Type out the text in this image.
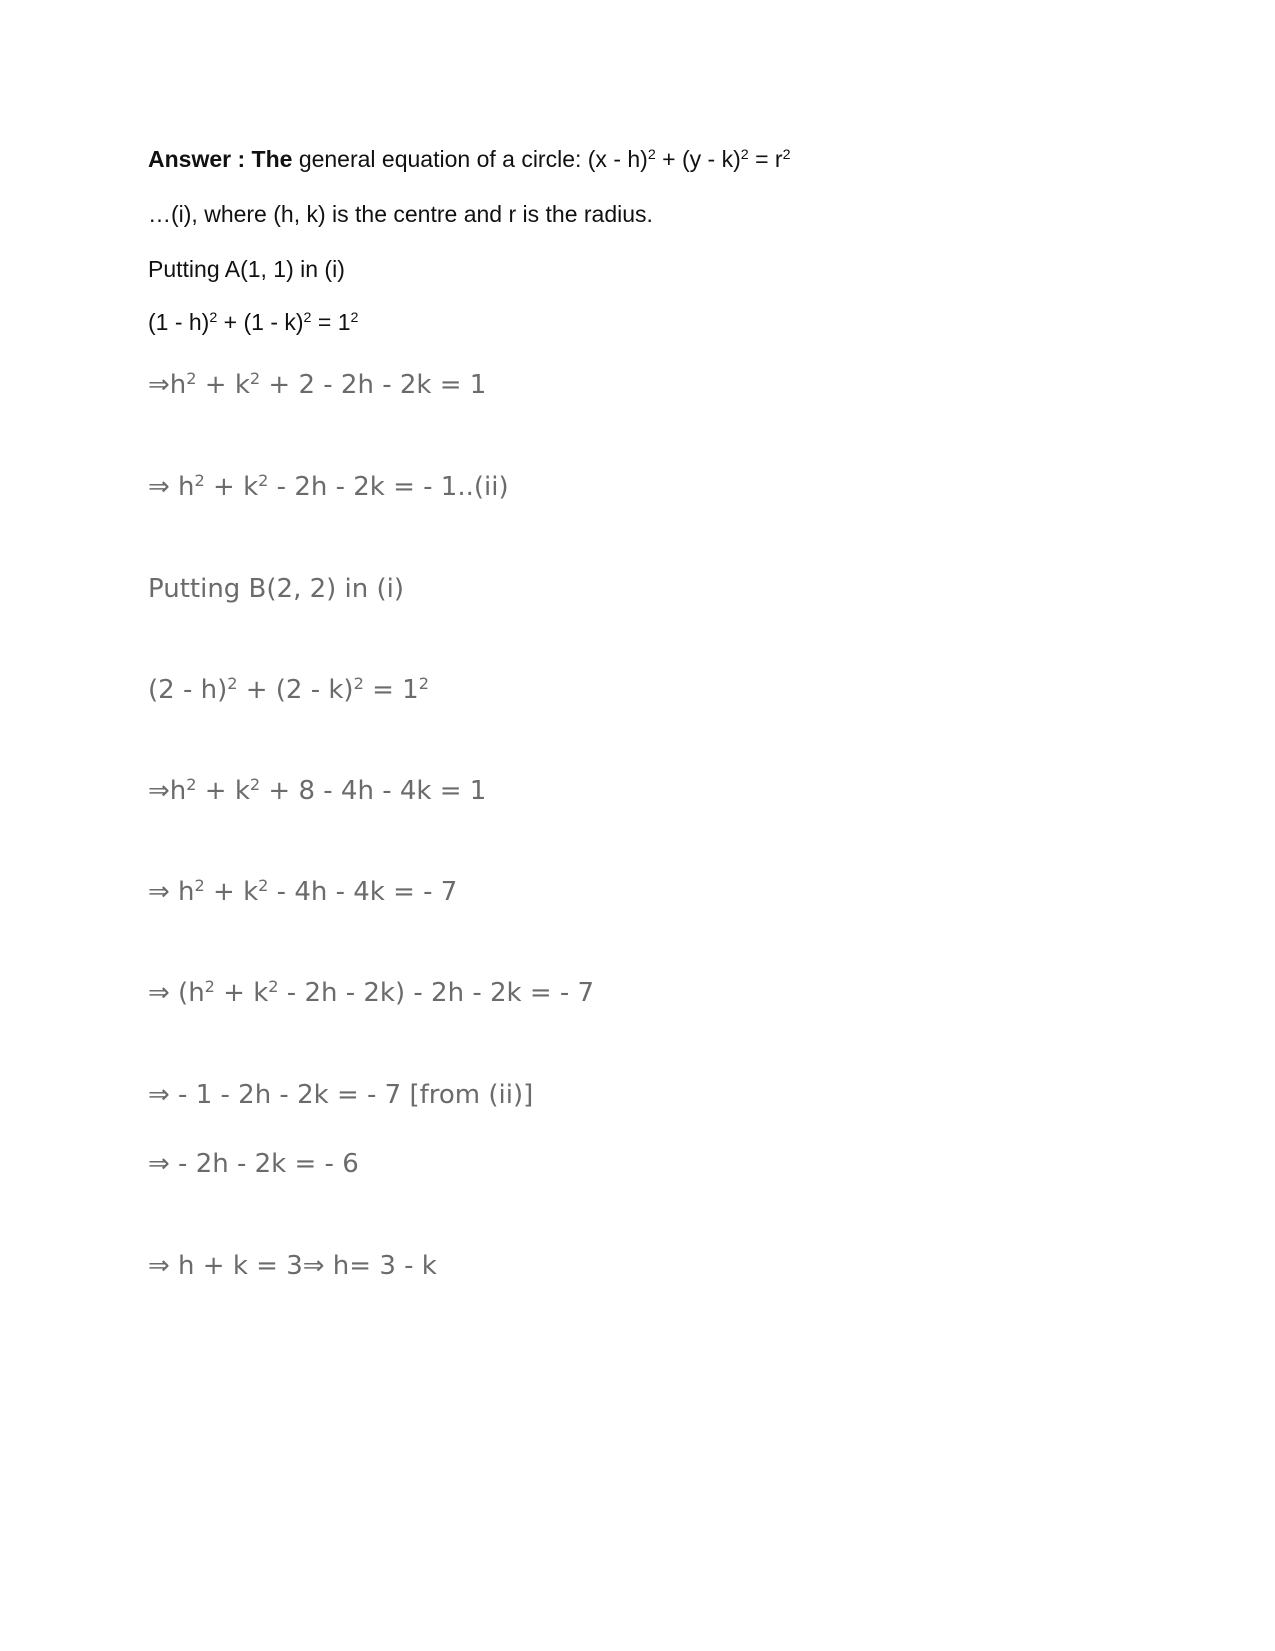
Answer : The general equation of a circle: $(x - h)^2 + (y - k)^2 = r^2$
…(i), where (h, k) is the centre and r is the radius.
Putting A(1, 1) in (i)
$(1 - h)^2 + (1 - k)^2 = 1^2$
$\Rightarrow h^2 + k^2 + 2 - 2h - 2k = 1$
⇒ $h^2 + k^2 - 2h - 2k$ = - 1..(ii)
Putting B(2, 2) in (i)
$(2 - h)^2 + (2 - k)^2 = 1^2$
$\Rightarrow h^2 + k^2 + 8 - 4h - 4k = 1$
⇒ $h^2 + k^2 - 4h - 4k$ = - 7
⇒ $(h^2 + k^2 - 2h - 2k) - 2h - 2k$ = - 7
⇒ - 1 - 2h - 2k = - 7 [from (ii)]
⇒ - 2h - 2k = - 6
⇒ h + k = 3⇒ h= 3 - k
